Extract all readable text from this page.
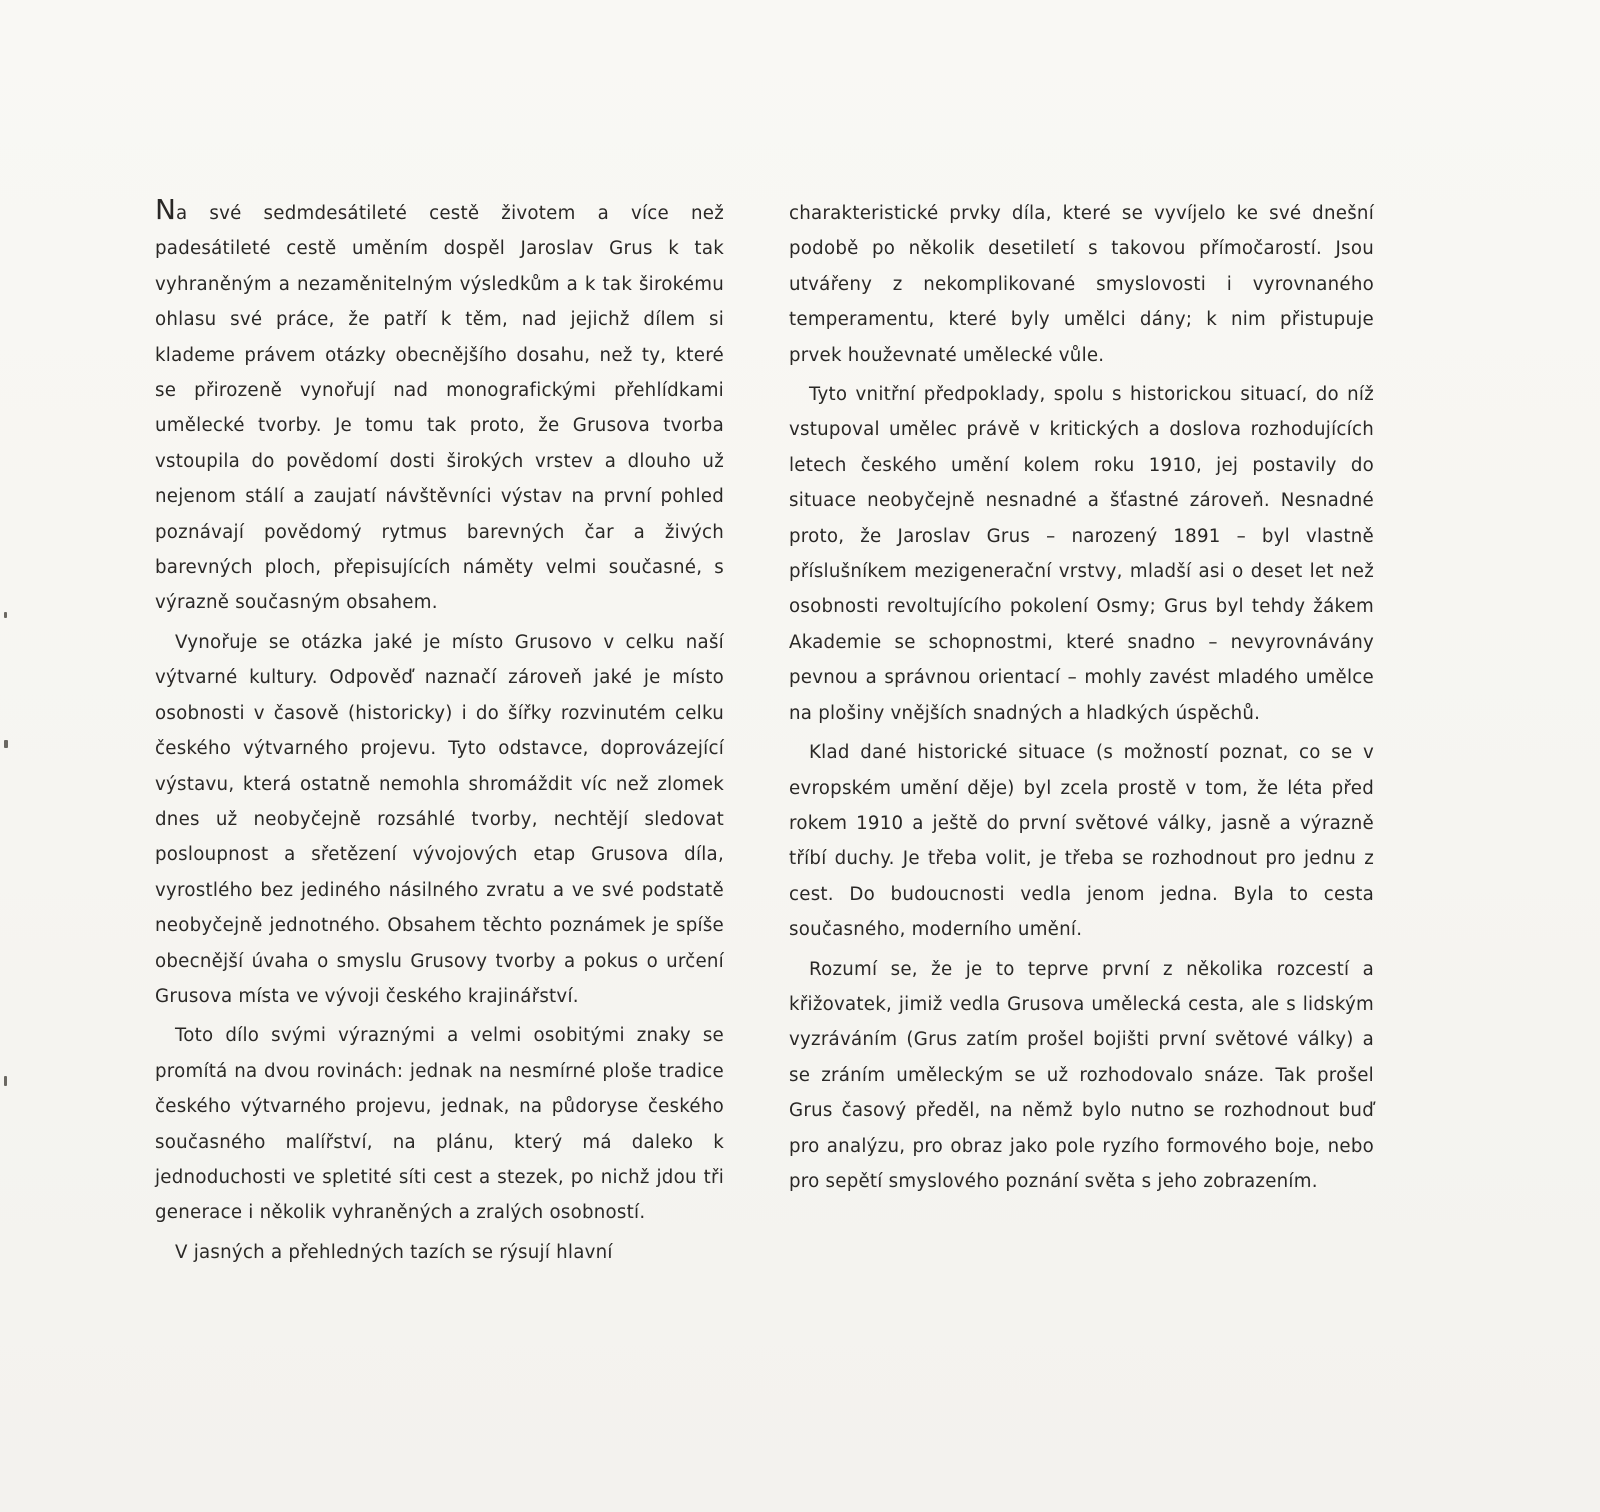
Na své sedmdesátileté cestě životem a více než padesátileté cestě uměním dospěl Jaroslav Grus k tak vyhraněným a nezaměnitelným výsledkům a k tak širokému ohlasu své práce, že patří k těm, nad jejichž dílem si klademe právem otázky obecnějšího dosahu, než ty, které se přirozeně vynořují nad monografickými přehlídkami umělecké tvorby. Je tomu tak proto, že Grusova tvorba vstoupila do povědomí dosti širokých vrstev a dlouho už nejenom stálí a zaujatí návštěvníci výstav na první pohled poznávají povědomý rytmus barevných čar a živých barevných ploch, přepisujících náměty velmi současné, s výrazně současným obsahem.

Vynořuje se otázka jaké je místo Grusovo v celku naší výtvarné kultury. Odpověď naznačí zároveň jaké je místo osobnosti v časově (historicky) i do šířky rozvinutém celku českého výtvarného projevu. Tyto odstavce, doprovázející výstavu, která ostatně nemohla shromáždit víc než zlomek dnes už neobyčejně rozsáhlé tvorby, nechtějí sledovat posloupnost a sřetězení vývojových etap Grusova díla, vyrostlého bez jediného násilného zvratu a ve své podstatě neobyčejně jednotného. Obsahem těchto poznámek je spíše obecnější úvaha o smyslu Grusovy tvorby a pokus o určení Grusova místa ve vývoji českého krajinářství.

Toto dílo svými výraznými a velmi osobitými znaky se promítá na dvou rovinách: jednak na nesmírné ploše tradice českého výtvarného projevu, jednak, na půdoryse českého současného malířství, na plánu, který má daleko k jednoduchosti ve spletité síti cest a stezek, po nichž jdou tři generace i několik vyhraněných a zralých osobností.

V jasných a přehledných tazích se rýsují hlavní

charakteristické prvky díla, které se vyvíjelo ke své dnešní podobě po několik desetiletí s takovou přímočarostí. Jsou utvářeny z nekomplikované smyslovosti i vyrovnaného temperamentu, které byly umělci dány; k nim přistupuje prvek houževnaté umělecké vůle.

Tyto vnitřní předpoklady, spolu s historickou situací, do níž vstupoval umělec právě v kritických a doslova rozhodujících letech českého umění kolem roku 1910, jej postavily do situace neobyčejně nesnadné a šťastné zároveň. Nesnadné proto, že Jaroslav Grus – narozený 1891 – byl vlastně příslušníkem mezigenerační vrstvy, mladší asi o deset let než osobnosti revoltujícího pokolení Osmy; Grus byl tehdy žákem Akademie se schopnostmi, které snadno – nevyrovnávány pevnou a správnou orientací – mohly zavést mladého umělce na plošiny vnějších snadných a hladkých úspěchů.

Klad dané historické situace (s možností poznat, co se v evropském umění děje) byl zcela prostě v tom, že léta před rokem 1910 a ještě do první světové války, jasně a výrazně tříbí duchy. Je třeba volit, je třeba se rozhodnout pro jednu z cest. Do budoucnosti vedla jenom jedna. Byla to cesta současného, moderního umění.

Rozumí se, že je to teprve první z několika rozcestí a křižovatek, jimiž vedla Grusova umělecká cesta, ale s lidským vyzráváním (Grus zatím prošel bojišti první světové války) a se zráním uměleckým se už rozhodovalo snáze. Tak prošel Grus časový předěl, na němž bylo nutno se rozhodnout buď pro analýzu, pro obraz jako pole ryzího formového boje, nebo pro sepětí smyslového poznání světa s jeho zobrazením.
